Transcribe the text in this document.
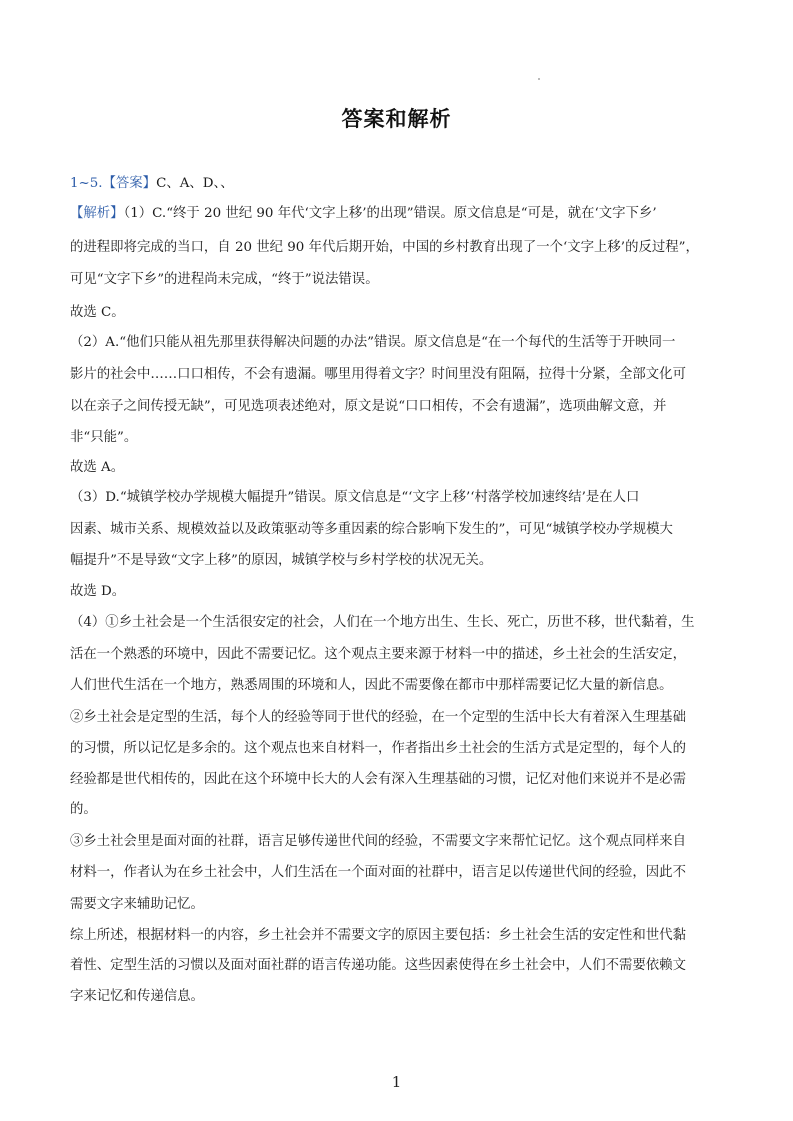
答案和解析
1~5.【答案】C、A、D、、
【解析】（1）C.“终于 20 世纪 90 年代‘文字上移’的出现”错误。原文信息是“可是，就在‘文字下乡’
的进程即将完成的当口，自 20 世纪 90 年代后期开始，中国的乡村教育出现了一个‘文字上移’的反过程”，
可见“文字下乡”的进程尚未完成，“终于”说法错误。
故选 C。
（2）A.“他们只能从祖先那里获得解决问题的办法”错误。原文信息是“在一个每代的生活等于开映同一
影片的社会中……口口相传，不会有遗漏。哪里用得着文字？时间里没有阻隔，拉得十分紧，全部文化可
以在亲子之间传授无缺”，可见选项表述绝对，原文是说“口口相传，不会有遗漏”，选项曲解文意，并
非“只能”。
故选 A。
（3）D.“城镇学校办学规模大幅提升”错误。原文信息是“‘文字上移’‘村落学校加速终结’是在人口
因素、城市关系、规模效益以及政策驱动等多重因素的综合影响下发生的”，可见“城镇学校办学规模大
幅提升”不是导致“文字上移”的原因，城镇学校与乡村学校的状况无关。
故选 D。
（4）①乡土社会是一个生活很安定的社会，人们在一个地方出生、生长、死亡，历世不移，世代黏着，生
活在一个熟悉的环境中，因此不需要记忆。这个观点主要来源于材料一中的描述，乡土社会的生活安定，
人们世代生活在一个地方，熟悉周围的环境和人，因此不需要像在都市中那样需要记忆大量的新信息。
②乡土社会是定型的生活，每个人的经验等同于世代的经验，在一个定型的生活中长大有着深入生理基础
的习惯，所以记忆是多余的。这个观点也来自材料一，作者指出乡土社会的生活方式是定型的，每个人的
经验都是世代相传的，因此在这个环境中长大的人会有深入生理基础的习惯，记忆对他们来说并不是必需
的。
③乡土社会里是面对面的社群，语言足够传递世代间的经验，不需要文字来帮忙记忆。这个观点同样来自
材料一，作者认为在乡土社会中，人们生活在一个面对面的社群中，语言足以传递世代间的经验，因此不
需要文字来辅助记忆。
综上所述，根据材料一的内容，乡土社会并不需要文字的原因主要包括：乡土社会生活的安定性和世代黏
着性、定型生活的习惯以及面对面社群的语言传递功能。这些因素使得在乡土社会中，人们不需要依赖文
字来记忆和传递信息。
1
